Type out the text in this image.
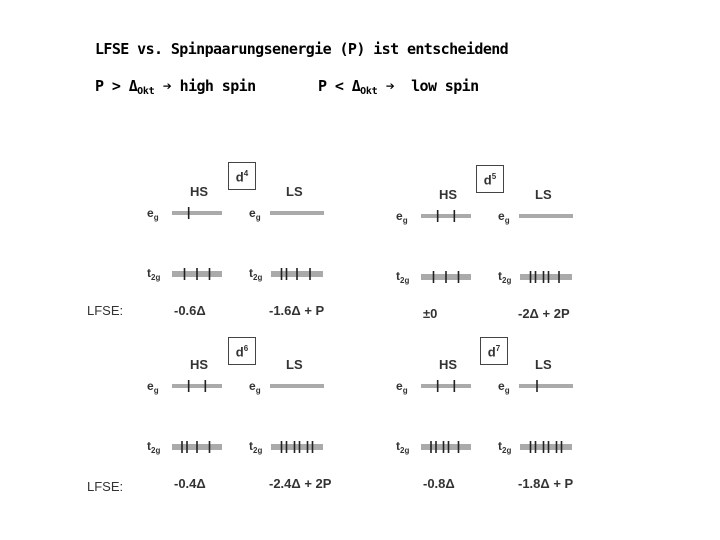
LFSE vs. Spinpaarungsenergie (P) ist entscheidend
$P > \Delta_{Okt}$ ➔ high spin	$P < \Delta_{Okt}$ ➔ low spin
LFSE:
LFSE:
$d^4$
HS	LS
$e_g$	$e_g$
$t_{2g}$	$t_{2g}$
-0.6Δ	-1.6Δ + P
$d^5$
HS	LS
$e_g$	$e_g$
$t_{2g}$	$t_{2g}$
±0	-2Δ + 2P
$d^6$
HS	LS
$e_g$	$e_g$
$t_{2g}$	$t_{2g}$
-0.4Δ	-2.4Δ + 2P
$d^7$
HS	LS
$e_g$	$e_g$
$t_{2g}$	$t_{2g}$
-0.8Δ	-1.8Δ + P
